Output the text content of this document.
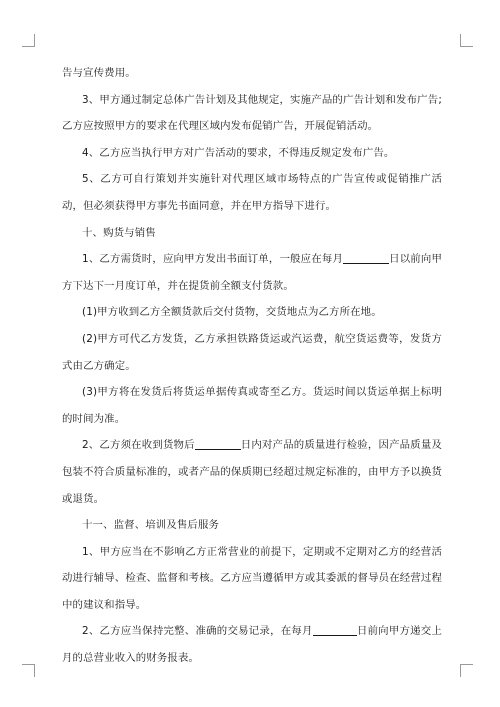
告与宣传费用。

3、甲方通过制定总体广告计划及其他规定，实施产品的广告计划和发布广告;乙方应按照甲方的要求在代理区域内发布促销广告，开展促销活动。

4、乙方应当执行甲方对广告活动的要求，不得违反规定发布广告。

5、乙方可自行策划并实施针对代理区域市场特点的广告宣传或促销推广活动，但必须获得甲方事先书面同意，并在甲方指导下进行。

十、购货与销售

1、乙方需货时，应向甲方发出书面订单，一般应在每月	日以前向甲方下达下一月度订单，并在提货前全额支付货款。

(1)甲方收到乙方全额货款后交付货物，交货地点为乙方所在地。

(2)甲方可代乙方发货，乙方承担铁路货运或汽运费，航空货运费等，发货方式由乙方确定。

(3)甲方将在发货后将货运单据传真或寄至乙方。货运时间以货运单据上标明的时间为准。

2、乙方须在收到货物后	日内对产品的质量进行检验，因产品质量及包装不符合质量标准的，或者产品的保质期已经超过规定标准的，由甲方予以换货或退货。

十一、监督、培训及售后服务

1、甲方应当在不影响乙方正常营业的前提下，定期或不定期对乙方的经营活动进行辅导、检查、监督和考核。乙方应当遵循甲方或其委派的督导员在经营过程中的建议和指导。

2、乙方应当保持完整、准确的交易记录，在每月	日前向甲方递交上月的总营业收入的财务报表。
